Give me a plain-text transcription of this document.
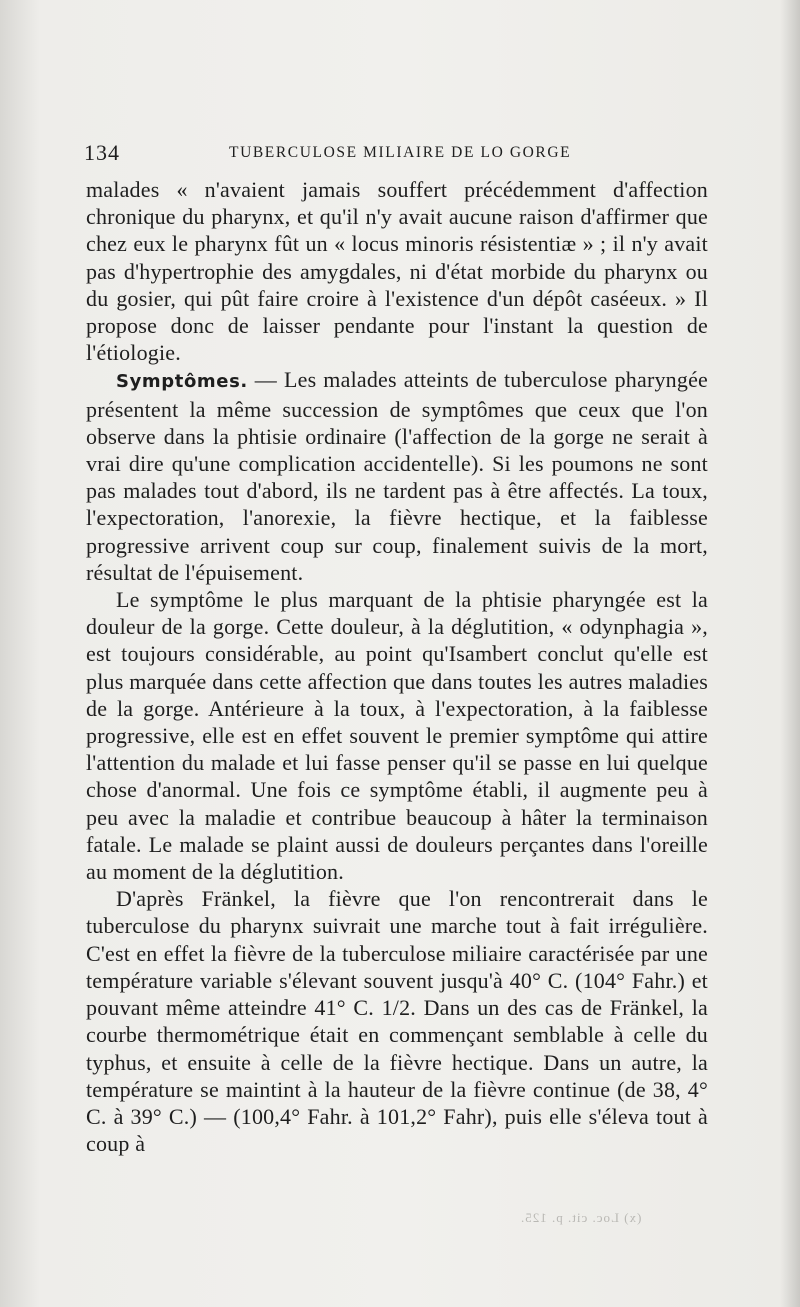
134	TUBERCULOSE MILIAIRE DE LO GORGE

malades « n'avaient jamais souffert précédemment d'affection chronique du pharynx, et qu'il n'y avait aucune raison d'affirmer que chez eux le pharynx fût un « locus minoris résistentiæ » ; il n'y avait pas d'hypertrophie des amygdales, ni d'état morbide du pharynx ou du gosier, qui pût faire croire à l'existence d'un dépôt caséeux. » Il propose donc de laisser pendante pour l'instant la question de l'étiologie.

Symptômes. — Les malades atteints de tuberculose pharyngée présentent la même succession de symptômes que ceux que l'on observe dans la phtisie ordinaire (l'affection de la gorge ne serait à vrai dire qu'une complication accidentelle). Si les poumons ne sont pas malades tout d'abord, ils ne tardent pas à être affectés. La toux, l'expectoration, l'anorexie, la fièvre hectique, et la faiblesse progressive arrivent coup sur coup, finalement suivis de la mort, résultat de l'épuisement.

Le symptôme le plus marquant de la phtisie pharyngée est la douleur de la gorge. Cette douleur, à la déglutition, « odynphagia », est toujours considérable, au point qu'Isambert conclut qu'elle est plus marquée dans cette affection que dans toutes les autres maladies de la gorge. Antérieure à la toux, à l'expectoration, à la faiblesse progressive, elle est en effet souvent le premier symptôme qui attire l'attention du malade et lui fasse penser qu'il se passe en lui quelque chose d'anormal. Une fois ce symptôme établi, il augmente peu à peu avec la maladie et contribue beaucoup à hâter la terminaison fatale. Le malade se plaint aussi de douleurs perçantes dans l'oreille au moment de la déglutition.

D'après Fränkel, la fièvre que l'on rencontrerait dans le tuberculose du pharynx suivrait une marche tout à fait irrégulière. C'est en effet la fièvre de la tuberculose miliaire caractérisée par une température variable s'élevant souvent jusqu'à 40° C. (104° Fahr.) et pouvant même atteindre 41° C. 1/2. Dans un des cas de Fränkel, la courbe thermométrique était en commençant semblable à celle du typhus, et ensuite à celle de la fièvre hectique. Dans un autre, la température se maintint à la hauteur de la fièvre continue (de 38, 4° C. à 39° C.) — (100,4° Fahr. à 101,2° Fahr), puis elle s'éleva tout à coup à

(x) Loc. cit. p. 125.
